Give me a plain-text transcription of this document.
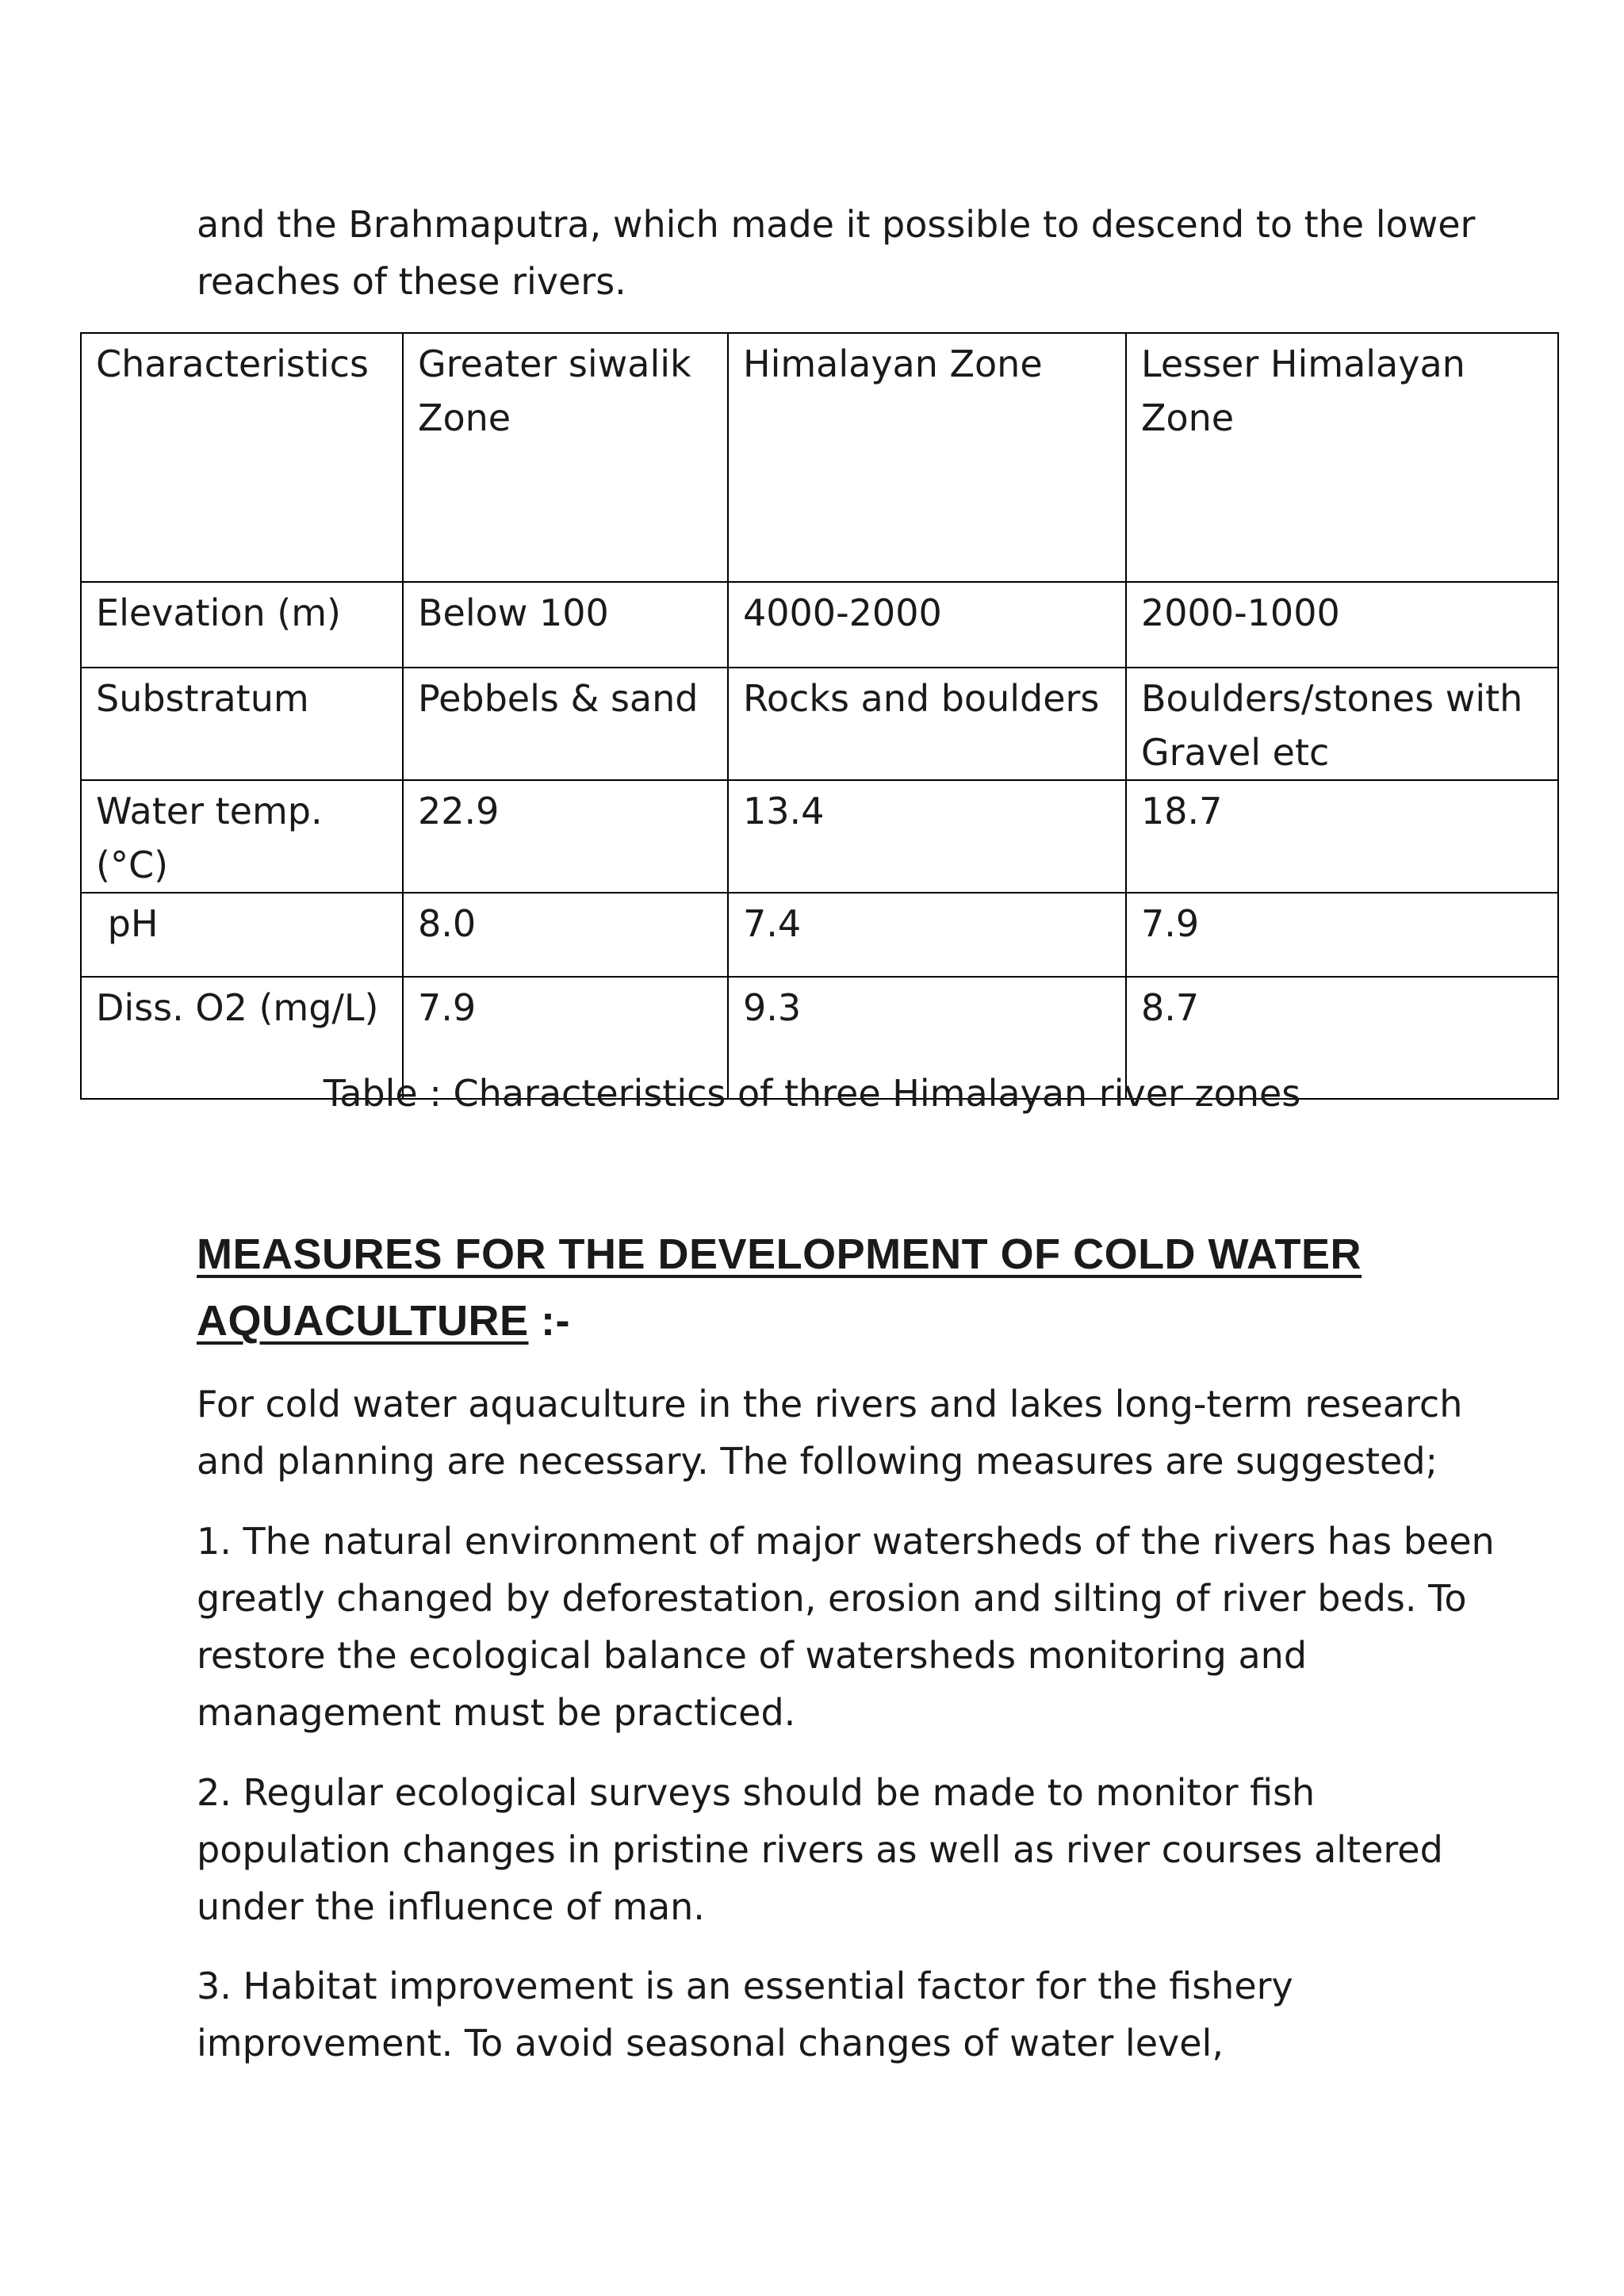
and the Brahmaputra, which made it possible to descend to the lower reaches of these rivers.

Characteristics	Greater siwalik Zone	Himalayan Zone	Lesser Himalayan Zone
Elevation (m)	Below 100	4000-2000	2000-1000
Substratum	Pebbels & sand	Rocks and boulders	Boulders/stones with Gravel etc
Water temp.(°C)	22.9	13.4	18.7
pH	8.0	7.4	7.9
Diss. O2 (mg/L)	7.9	9.3	8.7

Table : Characteristics of three Himalayan river zones

MEASURES FOR THE DEVELOPMENT OF COLD WATER AQUACULTURE :-

For cold water aquaculture in the rivers and lakes long-term research and planning are necessary. The following measures are suggested;

1. The natural environment of major watersheds of the rivers has been greatly changed by deforestation, erosion and silting of river beds. To restore the ecological balance of watersheds monitoring and management must be practiced.

2. Regular ecological surveys should be made to monitor fish population changes in pristine rivers as well as river courses altered under the influence of man.

3. Habitat improvement is an essential factor for the fishery improvement. To avoid seasonal changes of water level,
